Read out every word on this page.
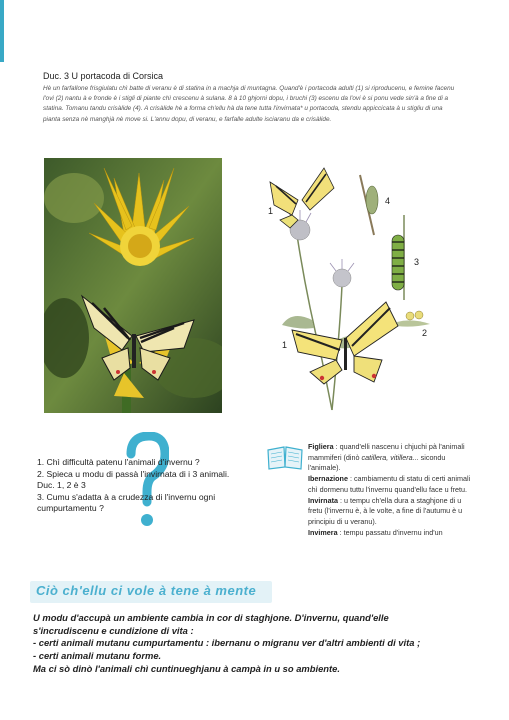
Duc. 3 U portacoda di Corsica
Hè un farfallone frisgiulatu chì batte di veranu è di statina in a machja di muntagna. Quand'è i portacoda adulti (1) si riproducenu, e femine facenu l'ovi (2) nantu à e fronde è i stigli di piante chì crescenu à sulana. 8 à 10 ghjorni dopu, i bruchi (3) escenu da l'ovi è si ponu vede sin'à a fine di a statina. Tomanu tandu crisàlide (4). A crisàlide hè a forma ch'ellu hà da tene tutta l'invirnata* u portacoda, stendu appiccicata à u stigliu di una pianta senza nè manghjà nè move si. L'annu dopu, di veranu, e farfalle adulte isciaranu da e crisàlide.
1
4
3
2
1
1. Chì difficultà patenu l'animali d'invernu ?
2. Spieca u modu di passà l'invirnata di i 3 animali.
Duc. 1, 2 è 3
3. Cumu s'adatta à a crudezza di l'invernu ogni
cumpurtamentu ?
Figliera : quand'elli nascenu i chjuchi pà l'animali mammiferi (dinò catillera, vitillera... sicondu l'animale).
Ibernazione : cambiamentu di statu di certi animali chì dormenu tuttu l'invernu quand'ellu face u fretu.
Invirnata : u tempu ch'ella dura a staghjone di u fretu (l'invernu è, à le volte, a fine di l'autumu è u principiu di u veranu).
Invimera : tempu passatu d'invernu ind'un
Ciò ch'ellu ci vole à tene à mente
U modu d'accupà un ambiente cambia in cor di staghjone. D'invernu, quand'elle
s'incrudiscenu e cundizione di vita :
- certi animali mutanu cumpurtamentu : ibernanu o migranu ver d'altri ambienti di vita ;
- certi animali mutanu forme.
Ma ci sò dinò l'animali chì cuntinueghjanu à campà in u so ambiente.
